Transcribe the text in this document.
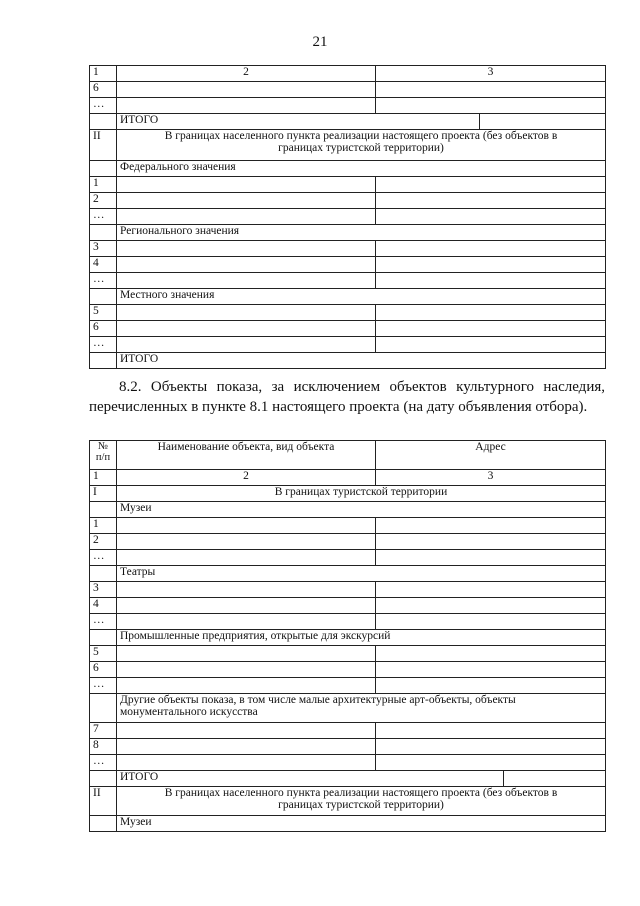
21
1	2	3
6		
…		

	ИТОГО	

II	В границах населенного пункта реализации настоящего проекта (без объектов в границах туристской территории)	
	Федерального значения	
1		
2		
…		
	Регионального значения	
3		
4		
…		
	Местного значения	
5		
6		
…		
	ИТОГО	
8.2. Объекты показа, за исключением объектов культурного наследия, перечисленных в пункте 8.1 настоящего проекта (на дату объявления отбора).
№ п/п	Наименование объекта, вид объекта	Адрес
1	2	3
I	В границах туристской территории	
	Музеи	
1		
2		
…		
	Театры	
3		
4		
…		
	Промышленные предприятия, открытые для экскурсий	
5		
6		
…		
	Другие объекты показа, в том числе малые архитектурные арт-объекты, объекты монументального искусства	
7		
8		
…		

	ИТОГО	

II	В границах населенного пункта реализации настоящего проекта (без объектов в границах туристской территории)	
	Музеи	
